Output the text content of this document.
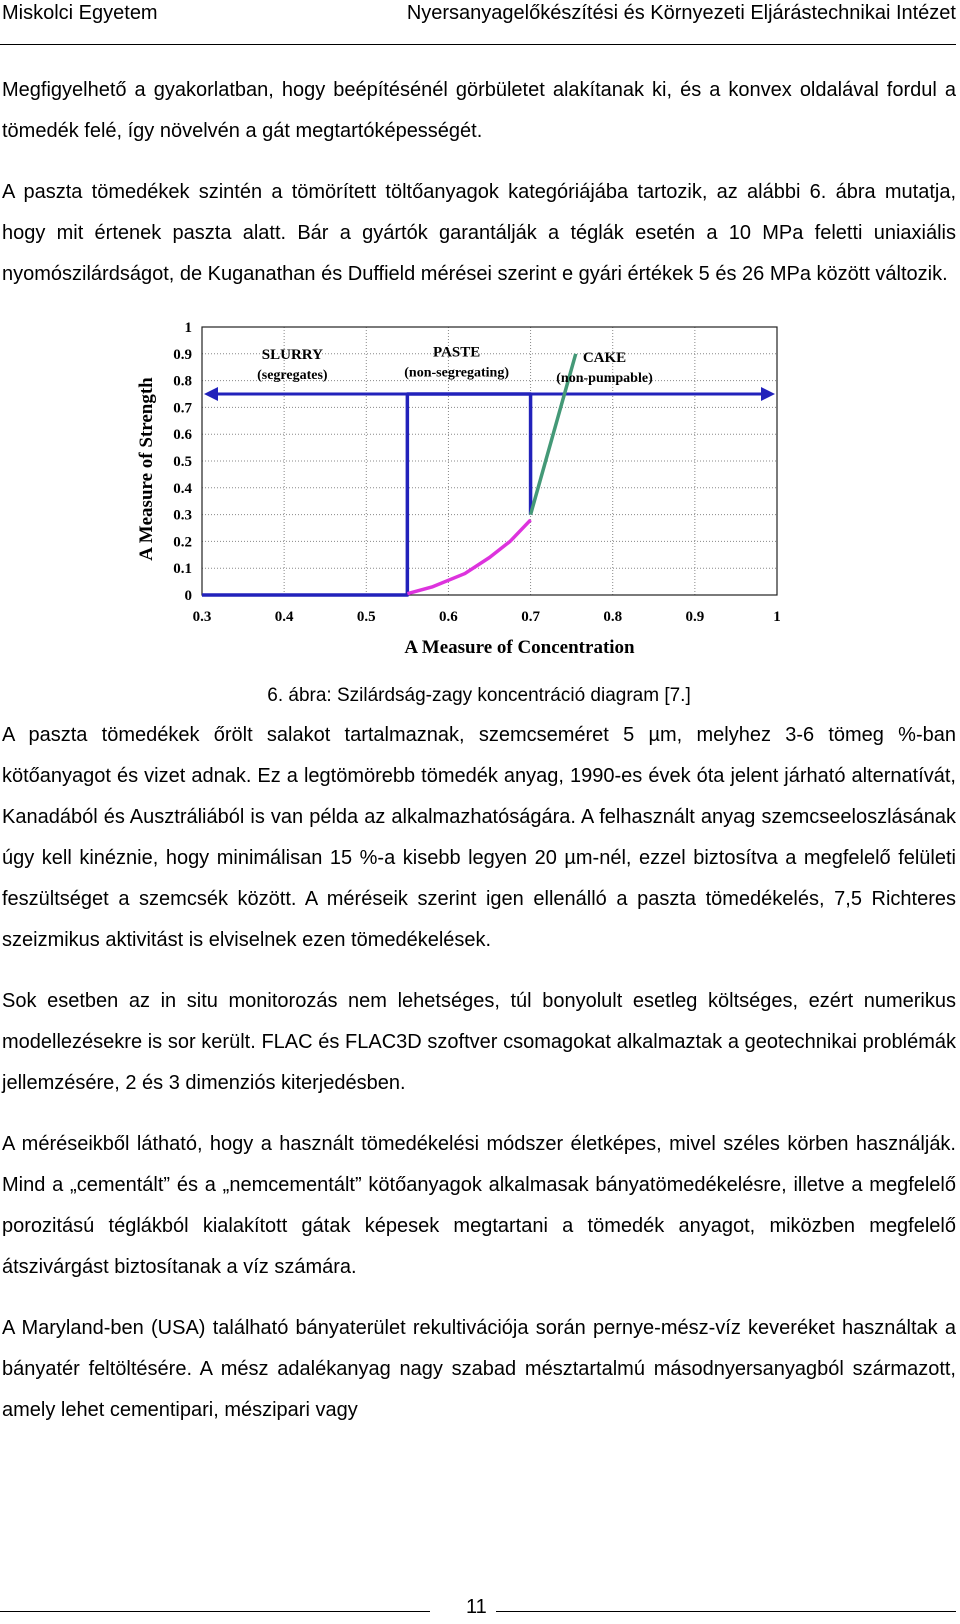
Miskolci Egyetem	Nyersanyagelőkészítési és Környezeti Eljárástechnikai Intézet

Megfigyelhető a gyakorlatban, hogy beépítésénél görbületet alakítanak ki, és a konvex oldalával fordul a tömedék felé, így növelvén a gát megtartóképességét.

A paszta tömedékek szintén a tömörített töltőanyagok kategóriájába tartozik, az alábbi 6. ábra mutatja, hogy mit értenek paszta alatt. Bár a gyártók garantálják a téglák esetén a 10 MPa feletti uniaxiális nyomószilárdságot, de Kuganathan és Duffield mérései szerint e gyári értékek 5 és 26 MPa között változik.

0
0.1
0.2
0.3
0.4
0.5
0.6
0.7
0.8
0.9
1
0.3	0.4	0.5	0.6	0.7	0.8	0.9	1
A Measure of Concentration
A Measure of Strength
SLURRY
(segregates)
PASTE
(non-segregating)
CAKE
(non-pumpable)
6. ábra: Szilárdság-zagy koncentráció diagram [7.]

A paszta tömedékek őrölt salakot tartalmaznak, szemcseméret 5 µm, melyhez 3-6 tömeg %-ban kötőanyagot és vizet adnak. Ez a legtömörebb tömedék anyag, 1990-es évek óta jelent járható alternatívát, Kanadából és Ausztráliából is van példa az alkalmazhatóságára. A felhasznált anyag szemcseeloszlásának úgy kell kinéznie, hogy minimálisan 15 %-a kisebb legyen 20 µm-nél, ezzel biztosítva a megfelelő felületi feszültséget a szemcsék között. A méréseik szerint igen ellenálló a paszta tömedékelés, 7,5 Richteres szeizmikus aktivitást is elviselnek ezen tömedékelések.

Sok esetben az in situ monitorozás nem lehetséges, túl bonyolult esetleg költséges, ezért numerikus modellezésekre is sor került. FLAC és FLAC3D szoftver csomagokat alkalmaztak a geotechnikai problémák jellemzésére, 2 és 3 dimenziós kiterjedésben.

A méréseikből látható, hogy a használt tömedékelési módszer életképes, mivel széles körben használják. Mind a „cementált” és a „nemcementált” kötőanyagok alkalmasak bányatömedékelésre, illetve a megfelelő porozitású téglákból kialakított gátak képesek megtartani a tömedék anyagot, miközben megfelelő átszivárgást biztosítanak a víz számára.

A Maryland-ben (USA) található bányaterület rekultivációja során pernye-mész-víz keveréket használtak a bányatér feltöltésére. A mész adalékanyag nagy szabad mésztartalmú másodnyersanyagból származott, amely lehet cementipari, mészipari vagy

11
